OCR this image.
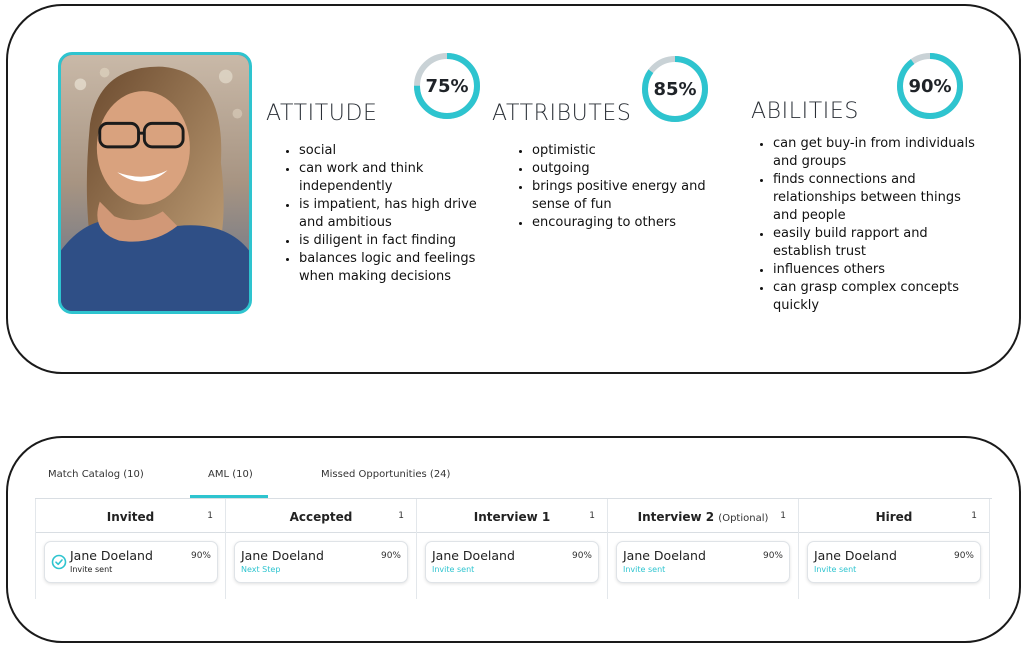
75%
ATTITUDE
social
can work and think independently
is impatient, has high drive and ambitious
is diligent in fact finding
balances logic and feelings when making decisions
85%
ATTRIBUTES
optimistic
outgoing
brings positive energy and sense of fun
encouraging to others
90%
ABILITIES
can get buy-in from individuals and groups
finds connections and relationships between things and people
easily build rapport and establish trust
influences others
can grasp complex concepts quickly
Match Catalog (10)	AML (10)	Missed Opportunities (24)
Invited	1
Jane Doeland
Invite sent
90%
Accepted	1
Jane Doeland
Next Step
90%
Interview 1	1
Jane Doeland
Invite sent
90%
Interview 2 (Optional)	1
Jane Doeland
Invite sent
90%
Hired	1
Jane Doeland
Invite sent
90%
